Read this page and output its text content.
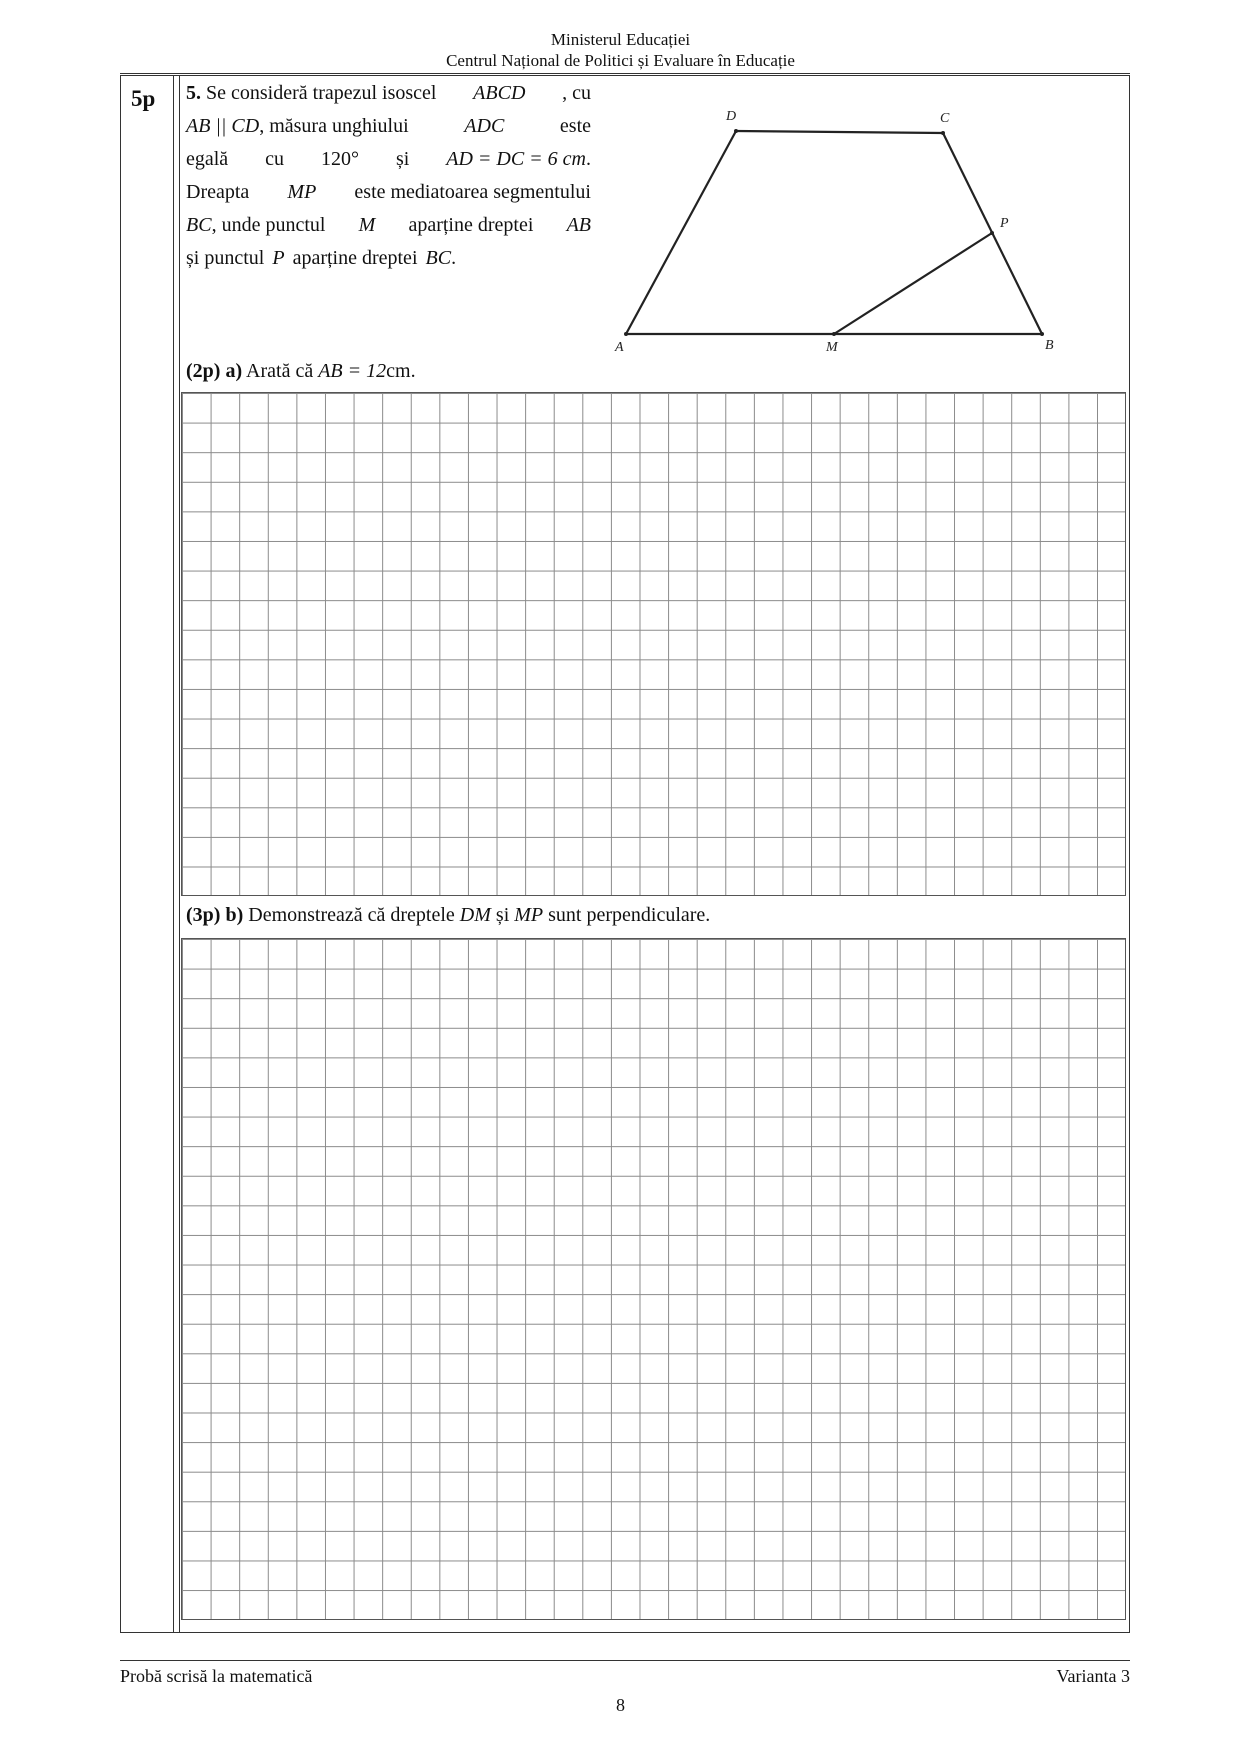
Ministerul Educației
Centrul Național de Politici și Evaluare în Educație
5p 5. Se consideră trapezul isoscel ABCD , cu
AB || CD, măsura unghiului	ADC	este
egală cu 120° și AD = DC = 6 cm.
Dreapta MP este mediatoarea segmentului
BC, unde punctul M aparține dreptei AB
și punctul P aparține dreptei BC.
A	B
C
D
M
P
(2p) a) Arată că AB = 12cm.
(3p) b) Demonstrează că dreptele DM și MP sunt perpendiculare.
Probă scrisă la matematică	Varianta 3
8
